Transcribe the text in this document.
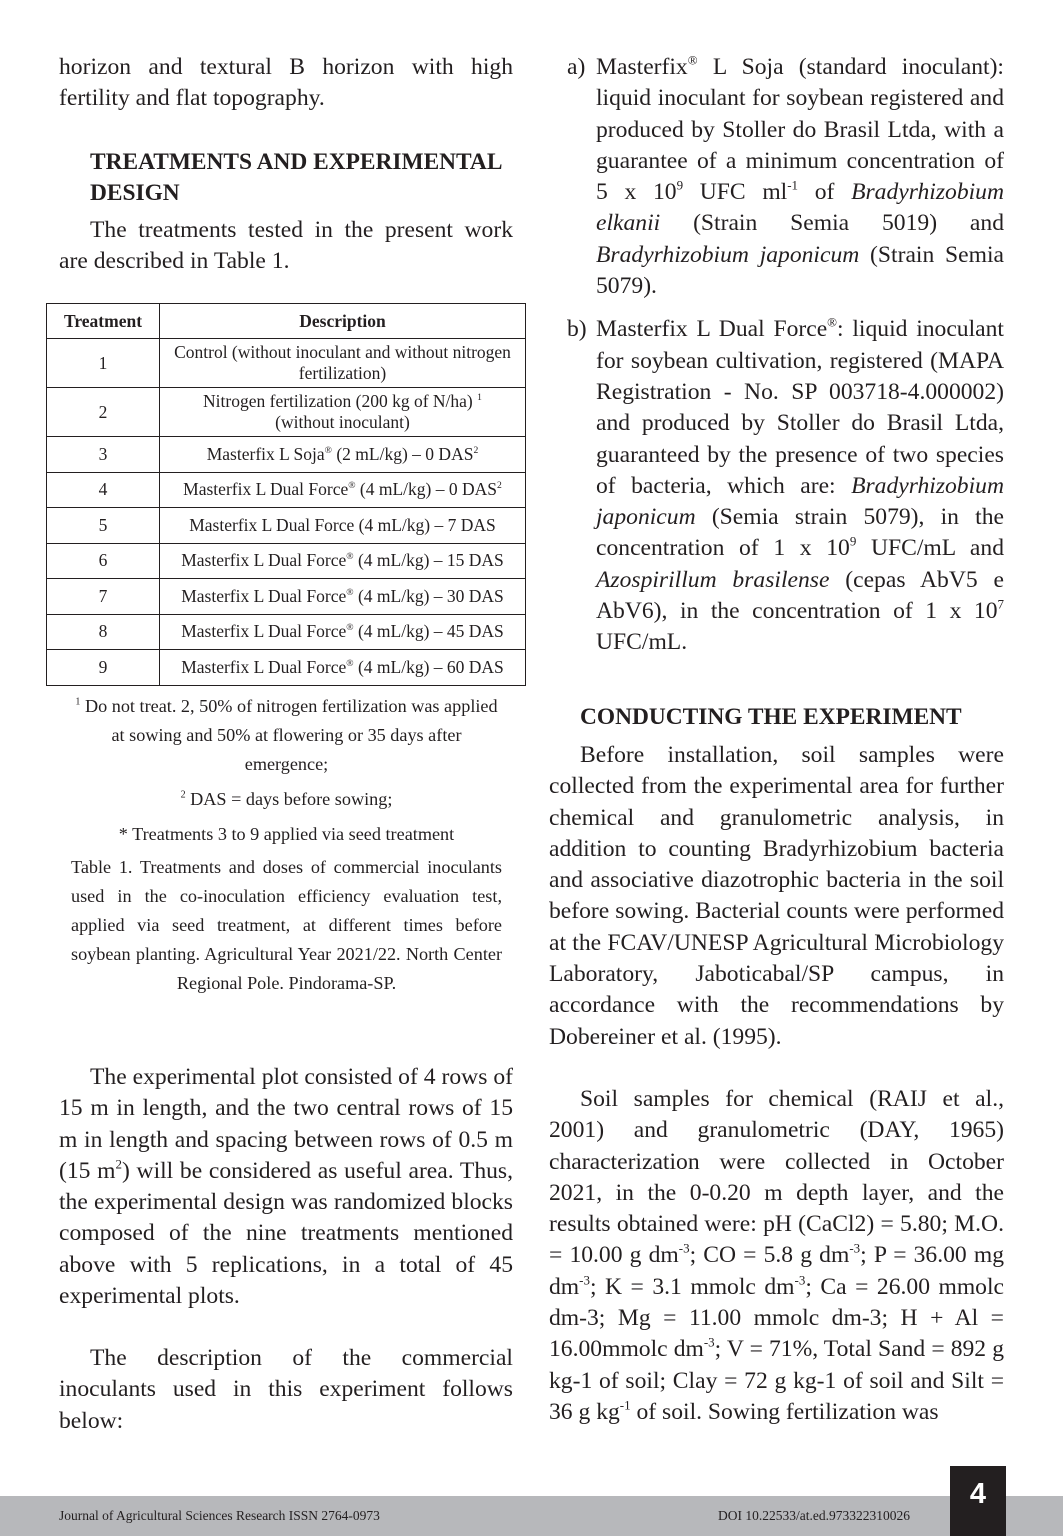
horizon and textural B horizon with high fertility and flat topography.

TREATMENTS AND EXPERIMENTAL DESIGN

The treatments tested in the present work are described in Table 1.

Treatment	Description
1	Control (without inoculant and without nitrogen fertilization)
2	Nitrogen fertilization (200 kg of N/ha) $^1$
(without inoculant)
3	Masterfix L Soja® (2 mL/kg) – 0 DAS$^2$
4	Masterfix L Dual Force® (4 mL/kg) – 0 DAS$^2$
5	Masterfix L Dual Force (4 mL/kg) – 7 DAS
6	Masterfix L Dual Force® (4 mL/kg) – 15 DAS
7	Masterfix L Dual Force® (4 mL/kg) – 30 DAS
8	Masterfix L Dual Force® (4 mL/kg) – 45 DAS
9	Masterfix L Dual Force® (4 mL/kg) – 60 DAS

$^1$ Do not treat. 2, 50% of nitrogen fertilization was applied at sowing and 50% at flowering or 35 days after emergence;

$^2$ DAS = days before sowing;

* Treatments 3 to 9 applied via seed treatment

Table 1. Treatments and doses of commercial inoculants used in the co-inoculation efficiency evaluation test, applied via seed treatment, at different times before soybean planting. Agricultural Year 2021/22. North Center Regional Pole. Pindorama-SP.

The experimental plot consisted of 4 rows of 15 m in length, and the two central rows of 15 m in length and spacing between rows of 0.5 m (15 $m^2$) will be considered as useful area. Thus, the experimental design was randomized blocks composed of the nine treatments mentioned above with 5 replications, in a total of 45 experimental plots.

The description of the commercial inoculants used in this experiment follows below:

a) Masterfix® L Soja (standard inoculant): liquid inoculant for soybean registered and produced by Stoller do Brasil Ltda, with a guarantee of a minimum concentration of 5 x $10^9$ UFC $ml^{-1}$ of Bradyrhizobium elkanii (Strain Semia 5019) and Bradyrhizobium japonicum (Strain Semia 5079).
b) Masterfix L Dual Force®: liquid inoculant for soybean cultivation, registered (MAPA Registration - No. SP 003718-4.000002) and produced by Stoller do Brasil Ltda, guaranteed by the presence of two species of bacteria, which are: Bradyrhizobium japonicum (Semia strain 5079), in the concentration of 1 x $10^9$ UFC/mL and Azospirillum brasilense (cepas AbV5 e AbV6), in the concentration of 1 x $10^7$ UFC/mL.
CONDUCTING THE EXPERIMENT

Before installation, soil samples were collected from the experimental area for further chemical and granulometric analysis, in addition to counting Bradyrhizobium bacteria and associative diazotrophic bacteria in the soil before sowing. Bacterial counts were performed at the FCAV/UNESP Agricultural Microbiology Laboratory, Jaboticabal/SP campus, in accordance with the recommendations by Dobereiner et al. (1995).

Soil samples for chemical (RAIJ et al., 2001) and granulometric (DAY, 1965) characterization were collected in October 2021, in the 0-0.20 m depth layer, and the results obtained were: pH (CaCl2) = 5.80; M.O. = 10.00 g $dm^{-3}$; CO = 5.8 g $dm^{-3}$; P = 36.00 mg $dm^{-3}$; K = 3.1 mmolc $dm^{-3}$; Ca = 26.00 mmolc dm-3; Mg = 11.00 mmolc dm-3; H + Al = 16.00mmolc $dm^{-3}$; V = 71%, Total Sand = 892 g kg-1 of soil; Clay = 72 g kg-1 of soil and Silt = 36 g $kg^{-1}$ of soil. Sowing fertilization was

Journal of Agricultural Sciences Research ISSN 2764-0973	DOI 10.22533/at.ed.973322310026
4
